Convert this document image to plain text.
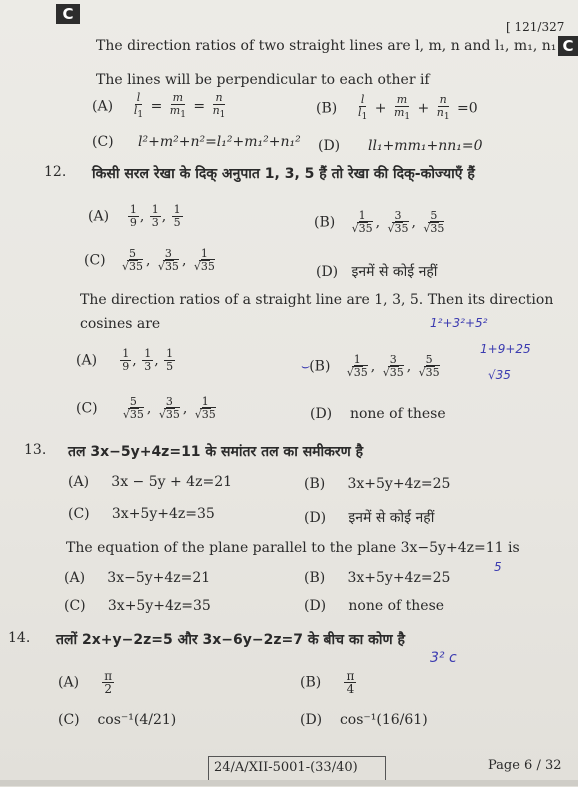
C
[ 121/327
C
The direction ratios of two straight lines are l, m, n and l₁, m₁, n₁
The lines will be perpendicular to each other if
$(A) \frac{l}{l_1} = \frac{m}{m_1} = \frac{n}{n_1}$	$(B) \frac{l}{l_1} + \frac{m}{m_1} + \frac{n}{n_1} =0$
(C) l²+m²+n²=l₁²+m₁²+n₁² (D) ll₁+mm₁+nn₁=0
12. किसी सरल रेखा के दिक् अनुपात 1, 3, 5 हैं तो रेखा की दिक्-कोज्याएँ हैं
$(A) \frac{1}{9}$ , $\frac{1}{3}$ , $\frac{1}{5}$	$(B) \frac{1}{√35}$ , $\frac{3}{√35}$ , $\frac{5}{√35}$
$(C) \frac{5}{√35}$ , $\frac{3}{√35}$ , $\frac{1}{√35}$	(D)   इनमें से कोई नहीं
The direction ratios of a straight line are 1, 3, 5. Then its direction
cosines are	1²+3²+5²
1+9+25
√35
$(A) \frac{1}{9}$ , $\frac{1}{3}$ , $\frac{1}{5}$	⌣(B) $\frac{1}{√35}$ , $\frac{3}{√35}$ , $\frac{5}{√35}$
$(C) \frac{5}{√35}$ , $\frac{3}{√35}$ , $\frac{1}{√35}$	(D)    none of these
13. तल 3x−5y+4z=11 के समांतर तल का समीकरण है
(A)     3x − 5y + 4z=21	(B)     3x+5y+4z=25
(C)     3x+5y+4z=35	(D)     इनमें से कोई नहीं
The equation of the plane parallel to the plane 3x−5y+4z=11 is
(A)     3x−5y+4z=21	(B)     3x+5y+4z=25
5
(C)     3x+5y+4z=35	(D)     none of these
14. तलों 2x+y−2z=5 और 3x−6y−2z=7 के बीच का कोण है
3² c
$(A) \frac{\pi}{2}$	$(B) \frac{\pi}{4}$
(C)    cos⁻¹(4/21)	(D)    cos⁻¹(16/61)
24/A/XII-5001-(33/40)	Page 6 / 32
